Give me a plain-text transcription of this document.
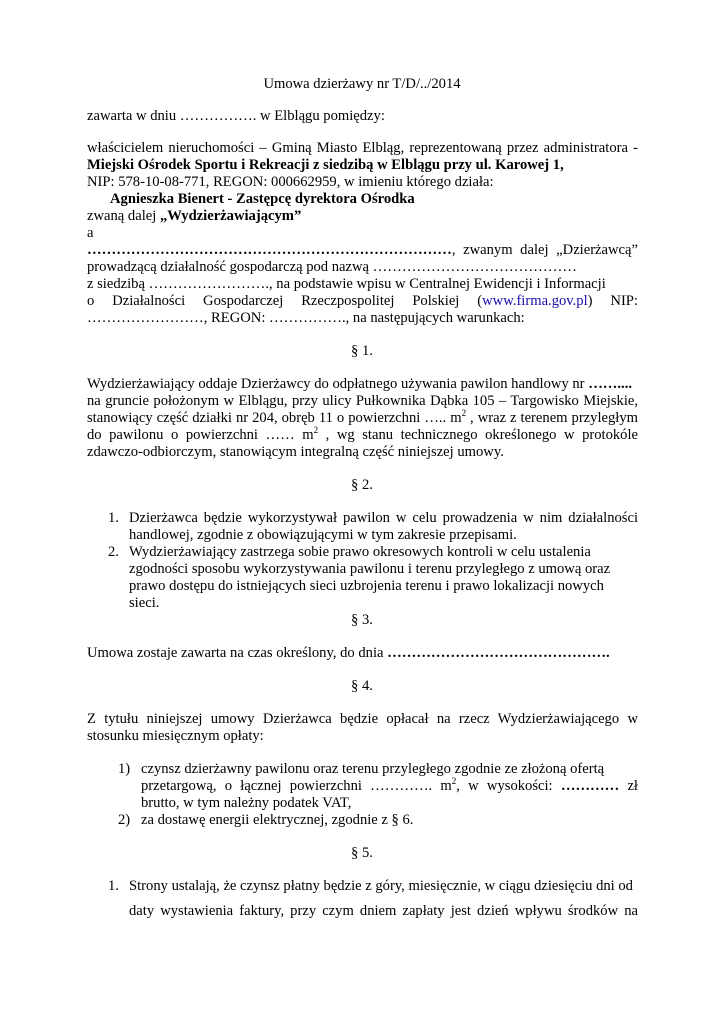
Umowa dzierżawy nr T/D/../2014
zawarta w dniu ……………. w Elblągu pomiędzy:
właścicielem nieruchomości – Gminą Miasto Elbląg, reprezentowaną przez administratora -
Miejski Ośrodek Sportu i Rekreacji z siedzibą w Elblągu przy ul. Karowej 1,
NIP: 578-10-08-771, REGON: 000662959, w imieniu którego działa:
Agnieszka Bienert - Zastępcę dyrektora Ośrodka
zwaną dalej „Wydzierżawiającym”
a
…………………………………………………………………, zwanym dalej „Dzierżawcą”
prowadzącą działalność gospodarczą pod nazwą ……………………………………
z siedzibą ……………………., na podstawie wpisu w Centralnej Ewidencji i Informacji
o Działalności Gospodarczej Rzeczpospolitej Polskiej (www.firma.gov.pl) NIP:
……………………, REGON: ……………., na następujących warunkach:
§ 1.
Wydzierżawiający oddaje Dzierżawcy do odpłatnego używania pawilon handlowy nr ……....
na gruncie położonym w Elblągu, przy ulicy Pułkownika Dąbka 105 – Targowisko Miejskie,
stanowiący część działki nr 204, obręb 11 o powierzchni ….. $m^2$ , wraz z terenem przyległym
do pawilonu o powierzchni …… $m^2$ , wg stanu technicznego określonego w protokóle
zdawczo-odbiorczym, stanowiącym integralną część niniejszej umowy.
§ 2.
1. Dzierżawca będzie wykorzystywał pawilon w celu prowadzenia w nim działalności
handlowej, zgodnie z obowiązującymi w tym zakresie przepisami.
2. Wydzierżawiający zastrzega sobie prawo okresowych kontroli w celu ustalenia
zgodności sposobu wykorzystywania pawilonu i terenu przyległego z umową oraz
prawo dostępu do istniejących sieci uzbrojenia terenu i prawo lokalizacji nowych
sieci.
§ 3.
Umowa zostaje zawarta na czas określony, do dnia ……………………………………….
§ 4.
Z tytułu niniejszej umowy Dzierżawca będzie opłacał na rzecz Wydzierżawiającego w
stosunku miesięcznym opłaty:
1) czynsz dzierżawny pawilonu oraz terenu przyległego zgodnie ze złożoną ofertą
przetargową, o łącznej powierzchni …………. $m^2$, w wysokości: ………… zł
brutto, w tym należny podatek VAT,
2) za dostawę energii elektrycznej, zgodnie z § 6.
§ 5.
1. Strony ustalają, że czynsz płatny będzie z góry, miesięcznie, w ciągu dziesięciu dni od
daty wystawienia faktury, przy czym dniem zapłaty jest dzień wpływu środków na
